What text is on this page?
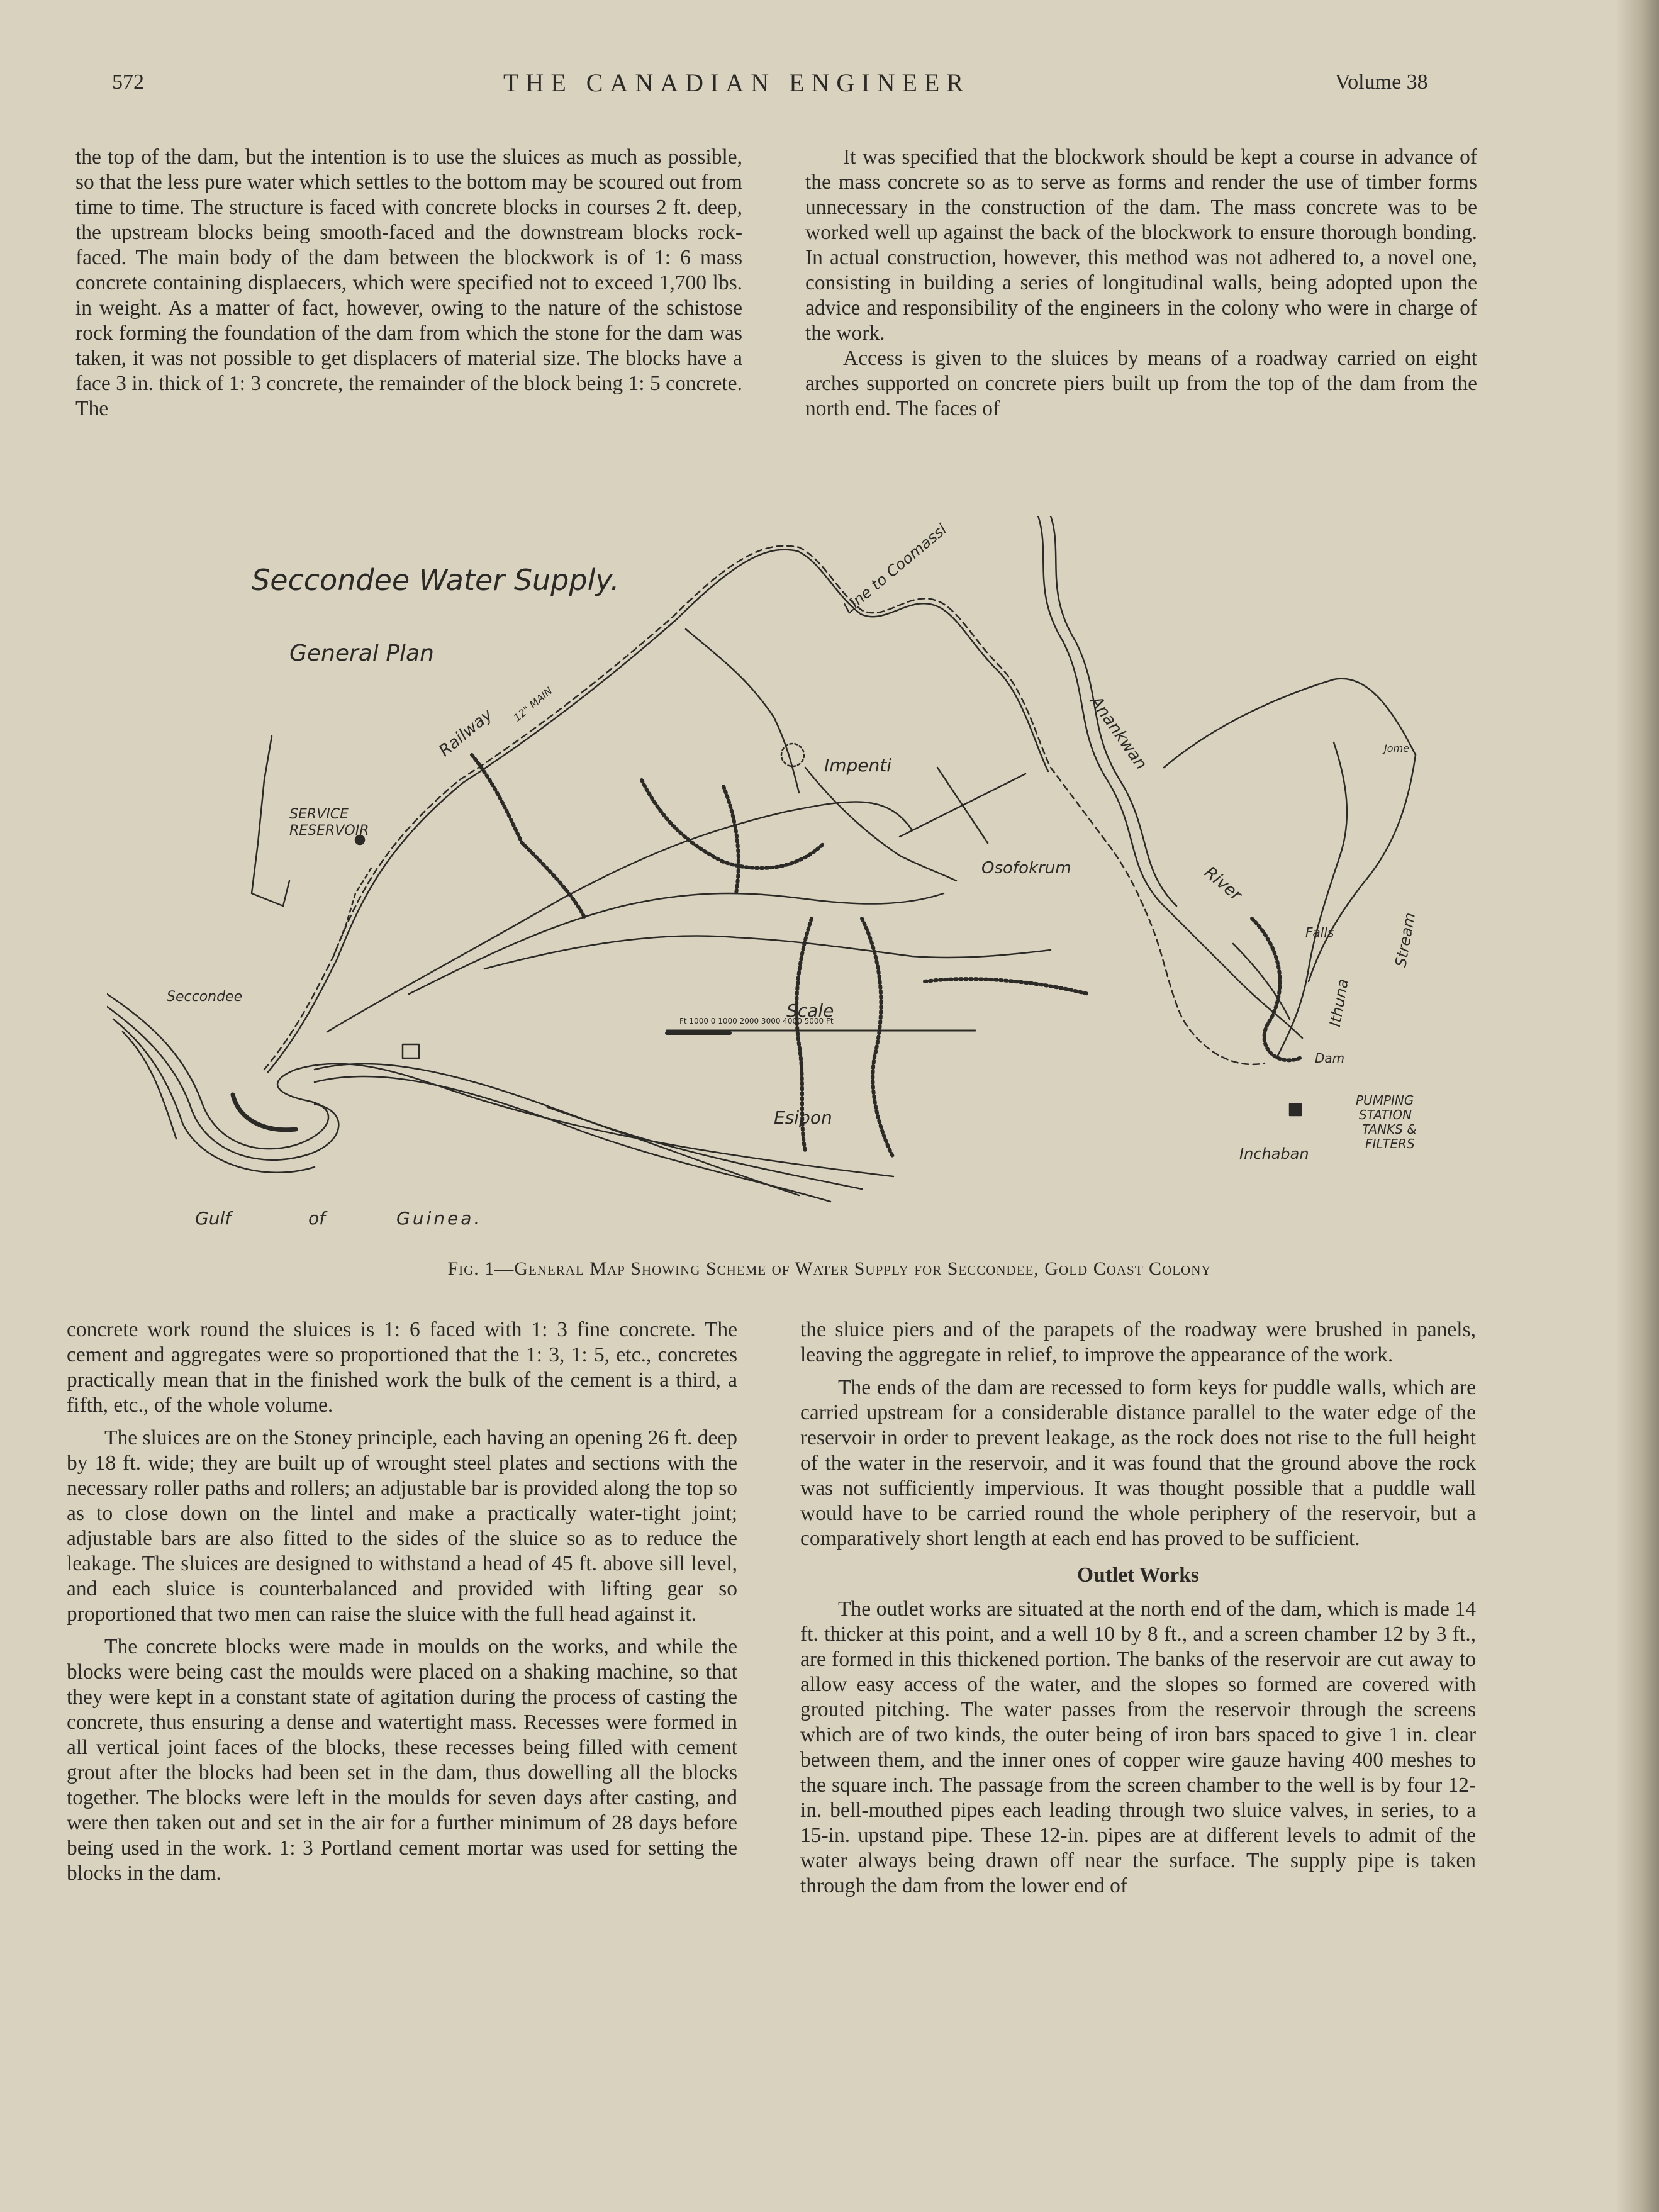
572	THE CANADIAN ENGINEER	Volume 38

the top of the dam, but the intention is to use the sluices as much as possible, so that the less pure water which settles to the bottom may be scoured out from time to time. The structure is faced with concrete blocks in courses 2 ft. deep, the upstream blocks being smooth-faced and the downstream blocks rock-faced. The main body of the dam between the blockwork is of 1: 6 mass concrete containing displaecers, which were specified not to exceed 1,700 lbs. in weight. As a matter of fact, however, owing to the nature of the schistose rock forming the foundation of the dam from which the stone for the dam was taken, it was not possible to get displacers of material size. The blocks have a face 3 in. thick of 1: 3 concrete, the remainder of the block being 1: 5 concrete. The

It was specified that the blockwork should be kept a course in advance of the mass concrete so as to serve as forms and render the use of timber forms unnecessary in the construction of the dam. The mass concrete was to be worked well up against the back of the blockwork to ensure thorough bonding. In actual construction, however, this method was not adhered to, a novel one, consisting in building a series of longitudinal walls, being adopted upon the advice and responsibility of the engineers in the colony who were in charge of the work.

Access is given to the sluices by means of a roadway carried on eight arches supported on concrete piers built up from the top of the dam from the north end. The faces of

Seccondee Water Supply.
General Plan
Railway
12" MAIN
Line to Coomassi
Impenti
SERVICE
RESERVOIR
Anankwan
River
Osofokrum
Jome
Falls
Ithuna
Stream
Dam
Seccondee
Scale
Ft 1000 0 1000 2000 3000 4000 5000 Ft
Esipon
PUMPING
STATION
TANKS &
FILTERS
Inchaban
Gulf	of	Guinea.
Fig. 1—General Map Showing Scheme of Water Supply for Seccondee, Gold Coast Colony

concrete work round the sluices is 1: 6 faced with 1: 3 fine concrete. The cement and aggregates were so proportioned that the 1: 3, 1: 5, etc., concretes practically mean that in the finished work the bulk of the cement is a third, a fifth, etc., of the whole volume.

The sluices are on the Stoney principle, each having an opening 26 ft. deep by 18 ft. wide; they are built up of wrought steel plates and sections with the necessary roller paths and rollers; an adjustable bar is provided along the top so as to close down on the lintel and make a practically water-tight joint; adjustable bars are also fitted to the sides of the sluice so as to reduce the leakage. The sluices are designed to withstand a head of 45 ft. above sill level, and each sluice is counterbalanced and provided with lifting gear so proportioned that two men can raise the sluice with the full head against it.

The concrete blocks were made in moulds on the works, and while the blocks were being cast the moulds were placed on a shaking machine, so that they were kept in a constant state of agitation during the process of casting the concrete, thus ensuring a dense and watertight mass. Recesses were formed in all vertical joint faces of the blocks, these recesses being filled with cement grout after the blocks had been set in the dam, thus dowelling all the blocks together. The blocks were left in the moulds for seven days after casting, and were then taken out and set in the air for a further minimum of 28 days before being used in the work. 1: 3 Portland cement mortar was used for setting the blocks in the dam.

the sluice piers and of the parapets of the roadway were brushed in panels, leaving the aggregate in relief, to improve the appearance of the work.

The ends of the dam are recessed to form keys for puddle walls, which are carried upstream for a considerable distance parallel to the water edge of the reservoir in order to prevent leakage, as the rock does not rise to the full height of the water in the reservoir, and it was found that the ground above the rock was not sufficiently impervious. It was thought possible that a puddle wall would have to be carried round the whole periphery of the reservoir, but a comparatively short length at each end has proved to be sufficient.

Outlet Works

The outlet works are situated at the north end of the dam, which is made 14 ft. thicker at this point, and a well 10 by 8 ft., and a screen chamber 12 by 3 ft., are formed in this thickened portion. The banks of the reservoir are cut away to allow easy access of the water, and the slopes so formed are covered with grouted pitching. The water passes from the reservoir through the screens which are of two kinds, the outer being of iron bars spaced to give 1 in. clear between them, and the inner ones of copper wire gauze having 400 meshes to the square inch. The passage from the screen chamber to the well is by four 12-in. bell-mouthed pipes each leading through two sluice valves, in series, to a 15-in. upstand pipe. These 12-in. pipes are at different levels to admit of the water always being drawn off near the surface. The supply pipe is taken through the dam from the lower end of
